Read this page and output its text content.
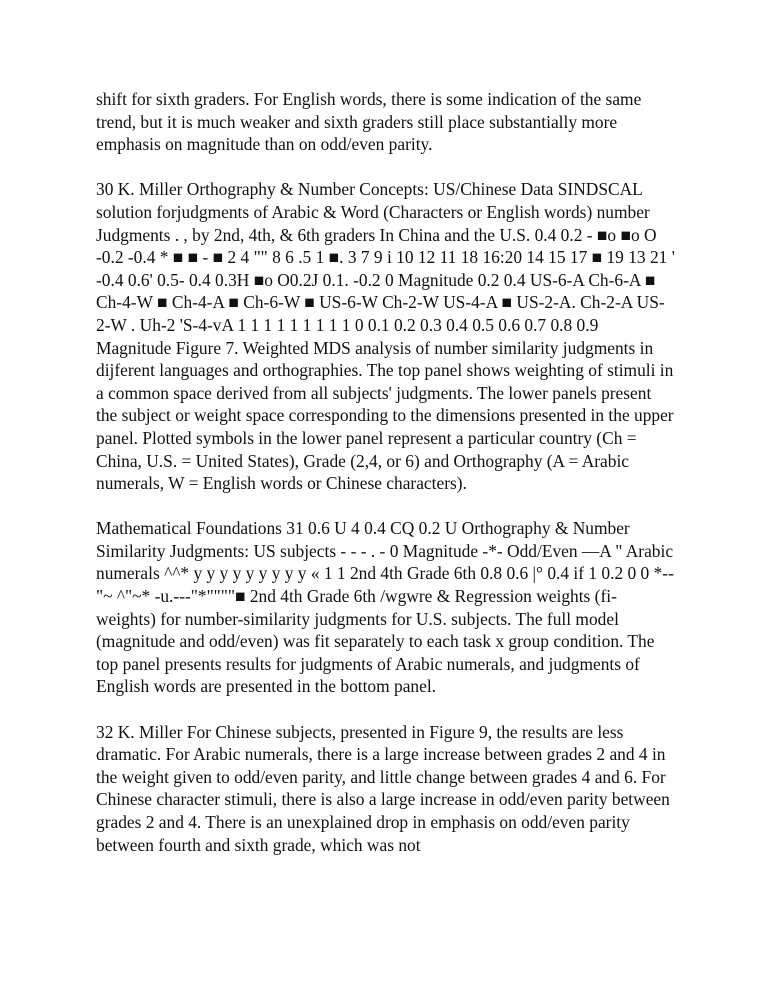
shift for sixth graders. For English words, there is some indication of the same trend, but it is much weaker and sixth graders still place substantially more emphasis on magnitude than on odd/even parity.

30 K. Miller Orthography & Number Concepts: US/Chinese Data SINDSCAL solution forjudgments of Arabic & Word (Characters or English words) number Judgments . , by 2nd, 4th, & 6th graders In China and the U.S. 0.4 0.2 - ■o ■o O -0.2 -0.4 * ■ ■ - ■ 2 4 "" 8 6 .5 1 ■. 3 7 9 i 10 12 11 18 16:20 14 15 17 ■ 19 13 21 ' -0.4 0.6' 0.5- 0.4 0.3H ■o O0.2J 0.1. -0.2 0 Magnitude 0.2 0.4 US-6-A Ch-6-A ■ Ch-4-W ■ Ch-4-A ■ Ch-6-W ■ US-6-W Ch-2-W US-4-A ■ US-2-A. Ch-2-A US-2-W . Uh-2 'S-4-vA 1 1 1 1 1 1 1 1 1 0 0.1 0.2 0.3 0.4 0.5 0.6 0.7 0.8 0.9 Magnitude Figure 7. Weighted MDS analysis of number similarity judgments in dijferent languages and orthographies. The top panel shows weighting of stimuli in a common space derived from all subjects' judgments. The lower panels present the subject or weight space corresponding to the dimensions presented in the upper panel. Plotted symbols in the lower panel represent a particular country (Ch = China, U.S. = United States), Grade (2,4, or 6) and Orthography (A = Arabic numerals, W = English words or Chinese characters).

Mathematical Foundations 31 0.6 U 4 0.4 CQ 0.2 U Orthography & Number Similarity Judgments: US subjects - - - . - 0 Magnitude -*- Odd/Even —A " Arabic numerals ^^* y y y y y y y y y « 1 1 2nd 4th Grade 6th 0.8 0.6 |° 0.4 if 1 0.2 0 0 *--"~ ^"~* -u.---"*""""■ 2nd 4th Grade 6th /wgwre & Regression weights (fi-weights) for number-similarity judgments for U.S. subjects. The full model (magnitude and odd/even) was fit separately to each task x group condition. The top panel presents results for judgments of Arabic numerals, and judgments of English words are presented in the bottom panel.

32 K. Miller For Chinese subjects, presented in Figure 9, the results are less dramatic. For Arabic numerals, there is a large increase between grades 2 and 4 in the weight given to odd/even parity, and little change between grades 4 and 6. For Chinese character stimuli, there is also a large increase in odd/even parity between grades 2 and 4. There is an unexplained drop in emphasis on odd/even parity between fourth and sixth grade, which was not
